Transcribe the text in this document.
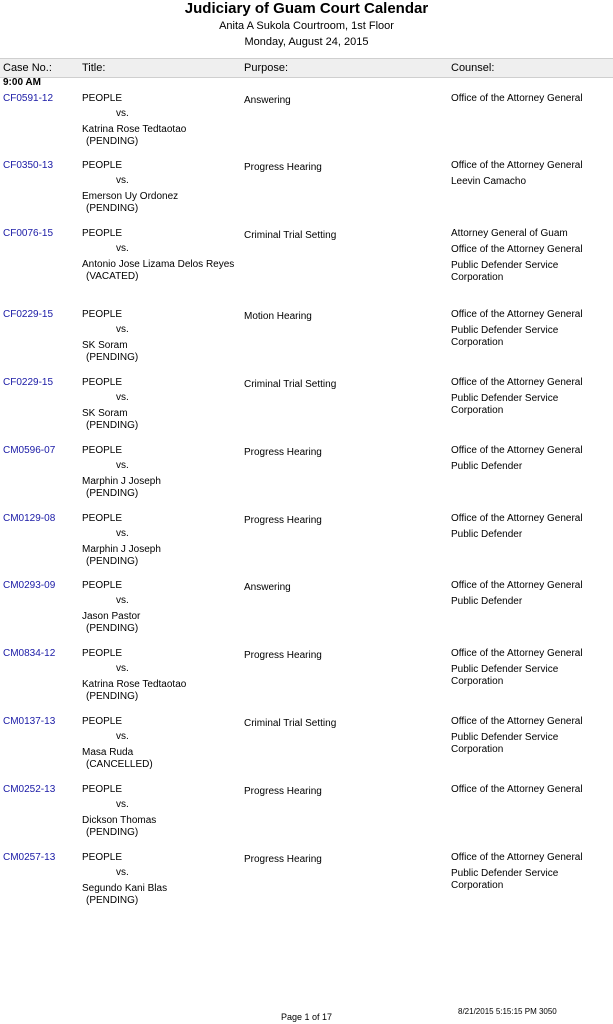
Judiciary of Guam Court Calendar
Anita A Sukola Courtroom, 1st Floor
Monday, August 24, 2015
Case No.:	Title:	Purpose:	Counsel:
9:00 AM
CF0591-12	PEOPLE
vs.
Katrina Rose Tedtaotao
(PENDING)
Answering	Office of the Attorney General
CF0350-13	PEOPLE
vs.
Emerson Uy Ordonez
(PENDING)
Progress Hearing	Office of the Attorney General
Leevin Camacho
CF0076-15	PEOPLE
vs.
Antonio Jose Lizama Delos Reyes
(VACATED)
Criminal Trial Setting	Attorney General of Guam
Office of the Attorney General
Public Defender Service Corporation
CF0229-15	PEOPLE
vs.
SK Soram
(PENDING)
Motion Hearing	Office of the Attorney General
Public Defender Service Corporation
CF0229-15	PEOPLE
vs.
SK Soram
(PENDING)
Criminal Trial Setting	Office of the Attorney General
Public Defender Service Corporation
CM0596-07	PEOPLE
vs.
Marphin J Joseph
(PENDING)
Progress Hearing	Office of the Attorney General
Public Defender
CM0129-08	PEOPLE
vs.
Marphin J Joseph
(PENDING)
Progress Hearing	Office of the Attorney General
Public Defender
CM0293-09	PEOPLE
vs.
Jason Pastor
(PENDING)
Answering	Office of the Attorney General
Public Defender
CM0834-12	PEOPLE
vs.
Katrina Rose Tedtaotao
(PENDING)
Progress Hearing	Office of the Attorney General
Public Defender Service Corporation
CM0137-13	PEOPLE
vs.
Masa Ruda
(CANCELLED)
Criminal Trial Setting	Office of the Attorney General
Public Defender Service Corporation
CM0252-13	PEOPLE
vs.
Dickson Thomas
(PENDING)
Progress Hearing	Office of the Attorney General
CM0257-13	PEOPLE
vs.
Segundo Kani Blas
(PENDING)
Progress Hearing	Office of the Attorney General
Public Defender Service Corporation
Page 1 of 17
8/21/2015 5:15:15 PM 3050
